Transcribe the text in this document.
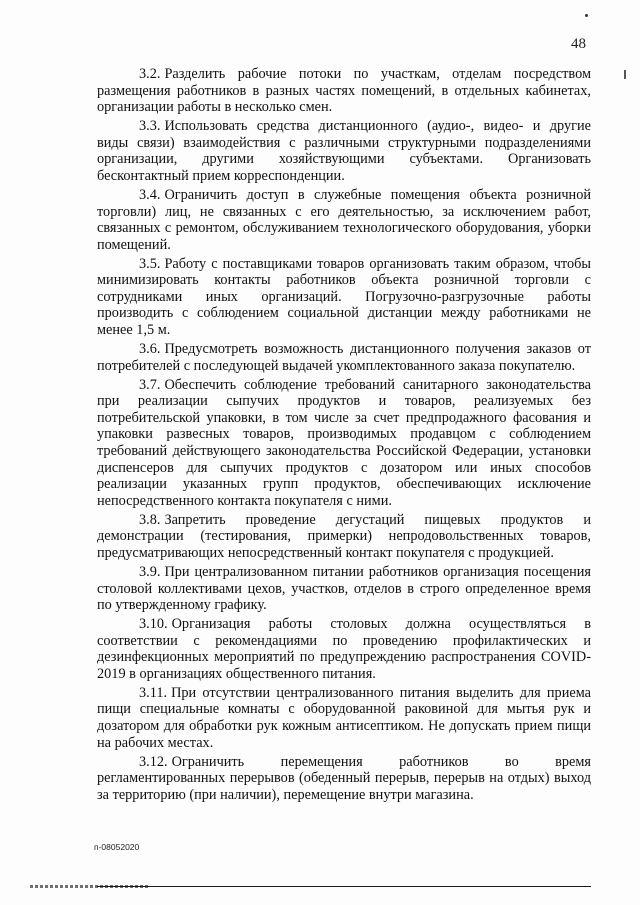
48

3.2. Разделить рабочие потоки по участкам, отделам посредством размещения работников в разных частях помещений, в отдельных кабинетах, организации работы в несколько смен.

3.3. Использовать средства дистанционного (аудио-, видео- и другие виды связи) взаимодействия с различными структурными подразделениями организации, другими хозяйствующими субъектами. Организовать бесконтактный прием корреспонденции.

3.4. Ограничить доступ в служебные помещения объекта розничной торговли) лиц, не связанных с его деятельностью, за исключением работ, связанных с ремонтом, обслуживанием технологического оборудования, уборки помещений.

3.5. Работу с поставщиками товаров организовать таким образом, чтобы минимизировать контакты работников объекта розничной торговли с сотрудниками иных организаций. Погрузочно-разгрузочные работы производить с соблюдением социальной дистанции между работниками не менее 1,5 м.

3.6. Предусмотреть возможность дистанционного получения заказов от потребителей с последующей выдачей укомплектованного заказа покупателю.

3.7. Обеспечить соблюдение требований санитарного законодательства при реализации сыпучих продуктов и товаров, реализуемых без потребительской упаковки, в том числе за счет предпродажного фасования и упаковки развесных товаров, производимых продавцом с соблюдением требований действующего законодательства Российской Федерации, установки диспенсеров для сыпучих продуктов с дозатором или иных способов реализации указанных групп продуктов, обеспечивающих исключение непосредственного контакта покупателя с ними.

3.8. Запретить проведение дегустаций пищевых продуктов и демонстрации (тестирования, примерки) непродовольственных товаров, предусматривающих непосредственный контакт покупателя с продукцией.

3.9. При централизованном питании работников организация посещения столовой коллективами цехов, участков, отделов в строго определенное время по утвержденному графику.

3.10. Организация работы столовых должна осуществляться в соответствии с рекомендациями по проведению профилактических и дезинфекционных мероприятий по предупреждению распространения COVID-2019 в организациях общественного питания.

3.11. При отсутствии централизованного питания выделить для приема пищи специальные комнаты с оборудованной раковиной для мытья рук и дозатором для обработки рук кожным антисептиком. Не допускать прием пищи на рабочих местах.

3.12. Ограничить перемещения работников во время регламентированных перерывов (обеденный перерыв, перерыв на отдых) выход за территорию (при наличии), перемещение внутри магазина.

п-08052020
